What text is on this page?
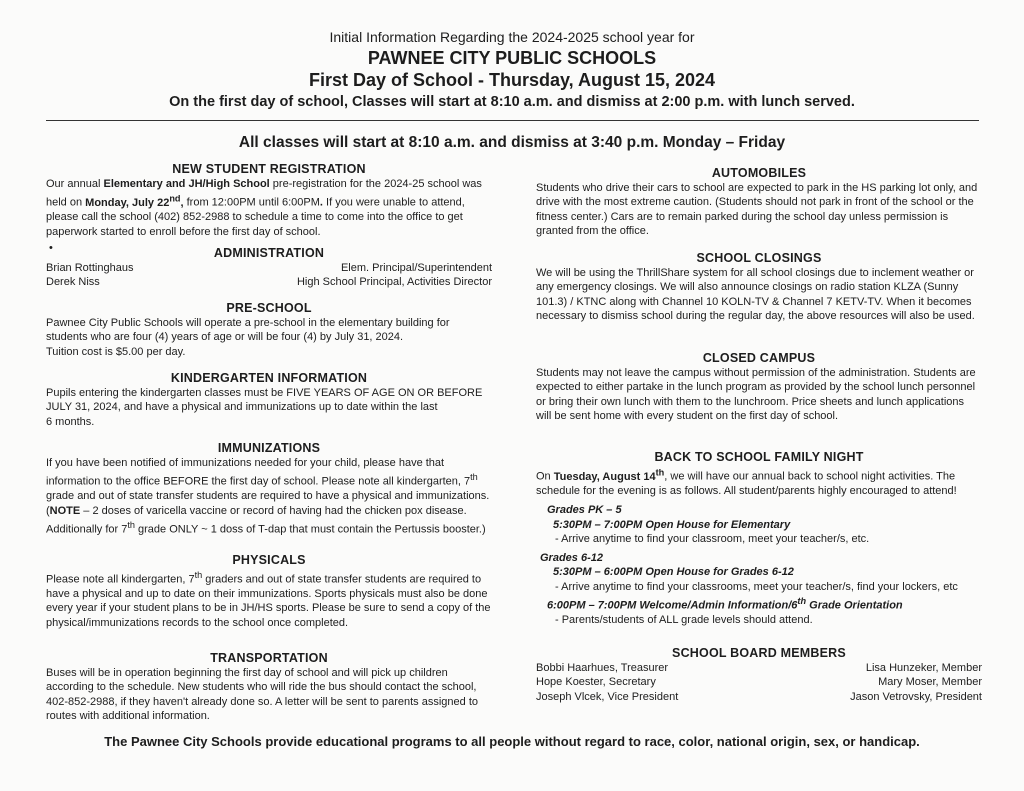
Initial Information Regarding the 2024-2025 school year for
PAWNEE CITY PUBLIC SCHOOLS
First Day of School - Thursday, August 15, 2024
On the first day of school, Classes will start at 8:10 a.m. and dismiss at 2:00 p.m. with lunch served.
All classes will start at 8:10 a.m. and dismiss at 3:40 p.m. Monday – Friday
NEW STUDENT REGISTRATION
Our annual Elementary and JH/High School pre-registration for the 2024-25 school was held on Monday, July 22nd, from 12:00PM until 6:00PM. If you were unable to attend, please call the school (402) 852-2988 to schedule a time to come into the office to get paperwork started to enroll before the first day of school.
•	ADMINISTRATION
Brian Rottinghaus	Elem. Principal/Superintendent
Derek Niss	High School Principal, Activities Director
PRE-SCHOOL
Pawnee City Public Schools will operate a pre-school in the elementary building for students who are four (4) years of age or will be four (4) by July 31, 2024.
Tuition cost is $5.00 per day.
KINDERGARTEN INFORMATION
Pupils entering the kindergarten classes must be FIVE YEARS OF AGE ON OR BEFORE JULY 31, 2024, and have a physical and immunizations up to date within the last
6 months.
IMMUNIZATIONS
If you have been notified of immunizations needed for your child, please have that information to the office BEFORE the first day of school. Please note all kindergarten, 7th grade and out of state transfer students are required to have a physical and immunizations. (NOTE – 2 doses of varicella vaccine or record of having had the chicken pox disease. Additionally for 7th grade ONLY ~ 1 doss of T-dap that must contain the Pertussis booster.)
PHYSICALS
Please note all kindergarten, 7th graders and out of state transfer students are required to have a physical and up to date on their immunizations. Sports physicals must also be done every year if your student plans to be in JH/HS sports. Please be sure to send a copy of the physical/immunizations records to the school once completed.
TRANSPORTATION
Buses will be in operation beginning the first day of school and will pick up children according to the schedule. New students who will ride the bus should contact the school, 402-852-2988, if they haven't already done so. A letter will be sent to parents assigned to routes with additional information.
AUTOMOBILES
Students who drive their cars to school are expected to park in the HS parking lot only, and drive with the most extreme caution. (Students should not park in front of the school or the fitness center.) Cars are to remain parked during the school day unless permission is granted from the office.
SCHOOL CLOSINGS
We will be using the ThrillShare system for all school closings due to inclement weather or any emergency closings. We will also announce closings on radio station KLZA (Sunny 101.3) / KTNC along with Channel 10 KOLN-TV & Channel 7 KETV-TV. When it becomes necessary to dismiss school during the regular day, the above resources will also be used.
CLOSED CAMPUS
Students may not leave the campus without permission of the administration. Students are expected to either partake in the lunch program as provided by the school lunch personnel or bring their own lunch with them to the lunchroom. Price sheets and lunch applications will be sent home with every student on the first day of school.
BACK TO SCHOOL FAMILY NIGHT
On Tuesday, August 14th, we will have our annual back to school night activities. The schedule for the evening is as follows. All student/parents highly encouraged to attend!
Grades PK – 5
5:30PM – 7:00PM Open House for Elementary
- Arrive anytime to find your classroom, meet your teacher/s, etc.
Grades 6-12
5:30PM – 6:00PM Open House for Grades 6-12
- Arrive anytime to find your classrooms, meet your teacher/s, find your lockers, etc
6:00PM – 7:00PM Welcome/Admin Information/6th Grade Orientation
- Parents/students of ALL grade levels should attend.
SCHOOL BOARD MEMBERS
Bobbi Haarhues, Treasurer	Lisa Hunzeker, Member
Hope Koester, Secretary	Mary Moser, Member
Joseph Vlcek, Vice President	Jason Vetrovsky, President
The Pawnee City Schools provide educational programs to all people without regard to race, color, national origin, sex, or handicap.
